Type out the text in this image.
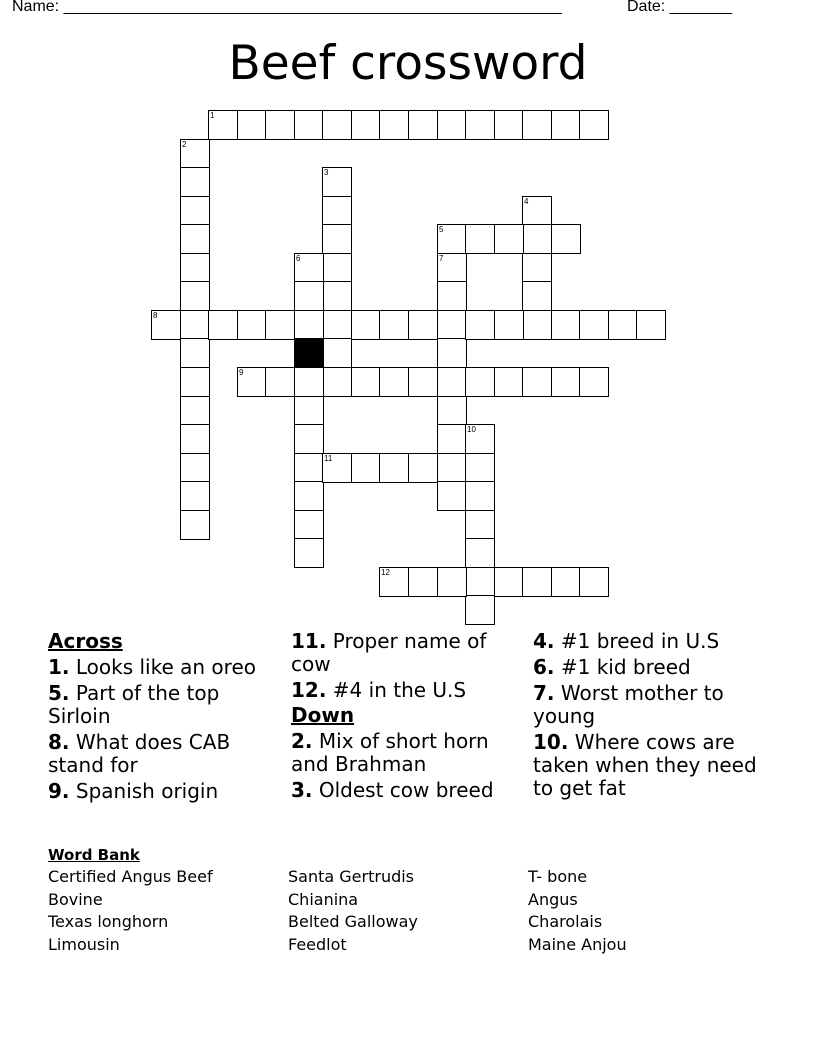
Name: ________________________________________________________	Date: _______
Beef crossword
1
2
3
4
5
6	7
8
9
10
11
12
Across
1. Looks like an oreo
5. Part of the top Sirloin
8. What does CAB stand for
9. Spanish origin
11. Proper name of cow
12. #4 in the U.S
Down
2. Mix of short horn and Brahman
3. Oldest cow breed
4. #1 breed in U.S
6. #1 kid breed
7. Worst mother to young
10. Where cows are taken when they need to get fat
Word Bank
Certified Angus Beef
Bovine
Texas longhorn
Limousin
Santa Gertrudis
Chianina
Belted Galloway
Feedlot
T- bone
Angus
Charolais
Maine Anjou
